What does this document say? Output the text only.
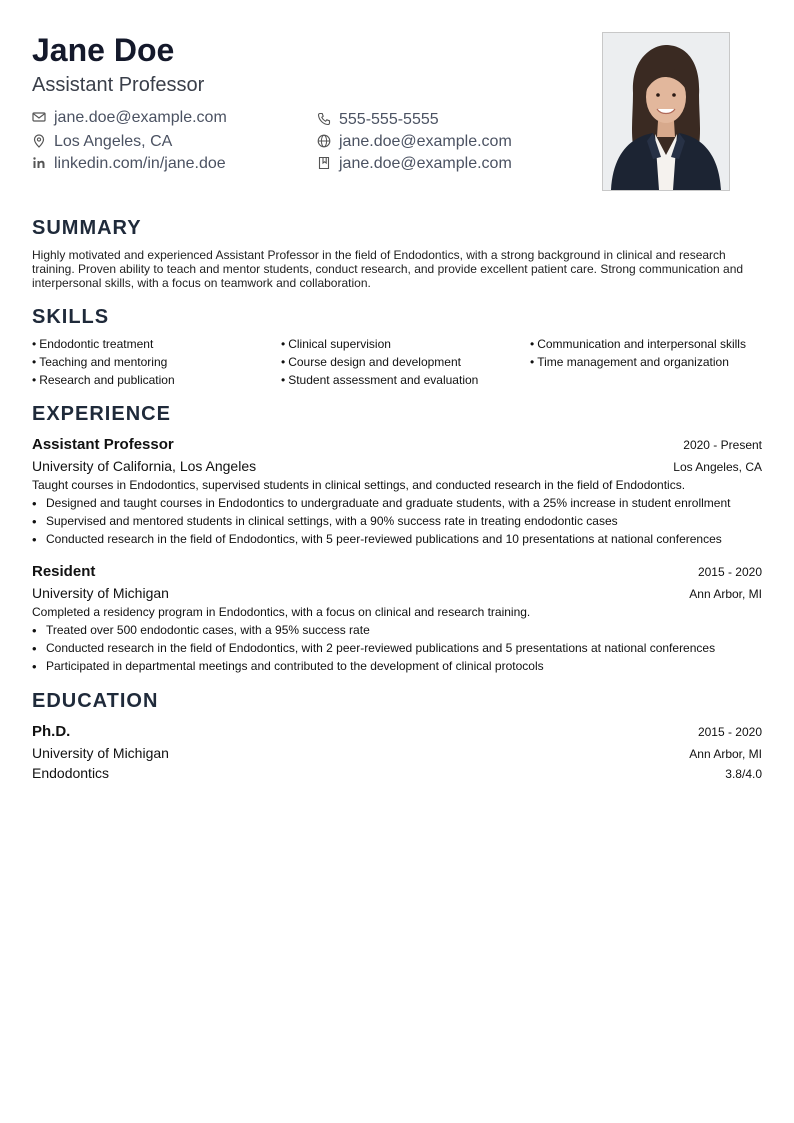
Jane Doe
Assistant Professor
jane.doe@example.com	555-555-5555
Los Angeles, CA	jane.doe@example.com
linkedin.com/in/jane.doe	jane.doe@example.com
SUMMARY

Highly motivated and experienced Assistant Professor in the field of Endodontics, with a strong background in clinical and research training. Proven ability to teach and mentor students, conduct research, and provide excellent patient care. Strong communication and interpersonal skills, with a focus on teamwork and collaboration.

SKILLS
• Endodontic treatment	• Clinical supervision	• Communication and interpersonal skills
• Teaching and mentoring	• Course design and development	• Time management and organization
• Research and publication	• Student assessment and evaluation
EXPERIENCE
Assistant Professor	2020 - Present
University of California, Los Angeles	Los Angeles, CA
Taught courses in Endodontics, supervised students in clinical settings, and conducted research in the field of Endodontics.
• Designed and taught courses in Endodontics to undergraduate and graduate students, with a 25% increase in student enrollment
• Supervised and mentored students in clinical settings, with a 90% success rate in treating endodontic cases
• Conducted research in the field of Endodontics, with 5 peer-reviewed publications and 10 presentations at national conferences
Resident	2015 - 2020
University of Michigan	Ann Arbor, MI
Completed a residency program in Endodontics, with a focus on clinical and research training.
• Treated over 500 endodontic cases, with a 95% success rate
• Conducted research in the field of Endodontics, with 2 peer-reviewed publications and 5 presentations at national conferences
• Participated in departmental meetings and contributed to the development of clinical protocols
EDUCATION
Ph.D.	2015 - 2020
University of Michigan	Ann Arbor, MI
Endodontics	3.8/4.0
